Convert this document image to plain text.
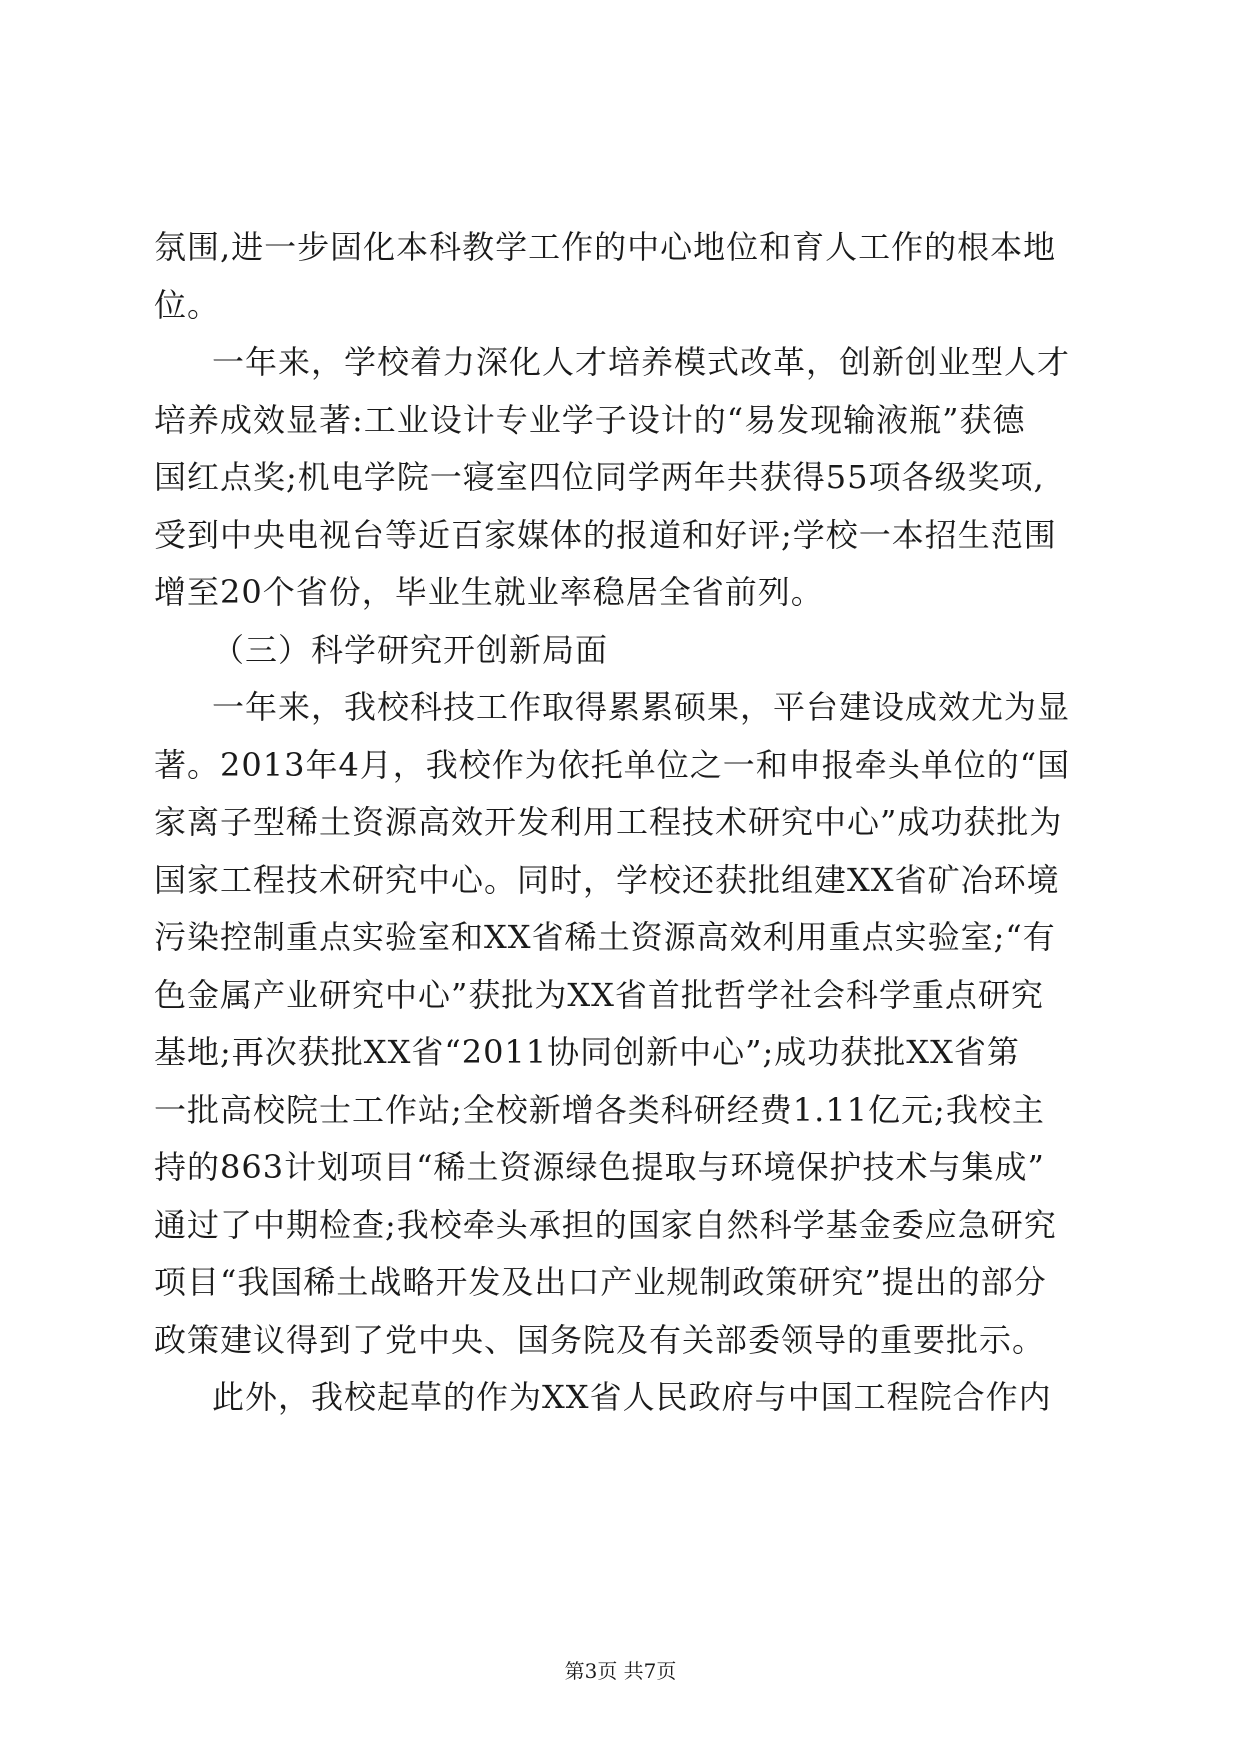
氛围,进一步固化本科教学工作的中心地位和育人工作的根本地
位。
一年来，学校着力深化人才培养模式改革，创新创业型人才
培养成效显著:工业设计专业学子设计的“易发现输液瓶”获德
国红点奖;机电学院一寝室四位同学两年共获得55项各级奖项,
受到中央电视台等近百家媒体的报道和好评;学校一本招生范围
增至20个省份，毕业生就业率稳居全省前列。
（三）科学研究开创新局面
一年来，我校科技工作取得累累硕果，平台建设成效尤为显
著。2013年4月，我校作为依托单位之一和申报牵头单位的“国
家离子型稀土资源高效开发利用工程技术研究中心”成功获批为
国家工程技术研究中心。同时，学校还获批组建XX省矿冶环境
污染控制重点实验室和XX省稀土资源高效利用重点实验室;“有
色金属产业研究中心”获批为XX省首批哲学社会科学重点研究
基地;再次获批XX省“2011协同创新中心”;成功获批XX省第
一批高校院士工作站;全校新增各类科研经费1.11亿元;我校主
持的863计划项目“稀土资源绿色提取与环境保护技术与集成”
通过了中期检查;我校牵头承担的国家自然科学基金委应急研究
项目“我国稀土战略开发及出口产业规制政策研究”提出的部分
政策建议得到了党中央、国务院及有关部委领导的重要批示。
此外，我校起草的作为XX省人民政府与中国工程院合作内
第3页 共7页
